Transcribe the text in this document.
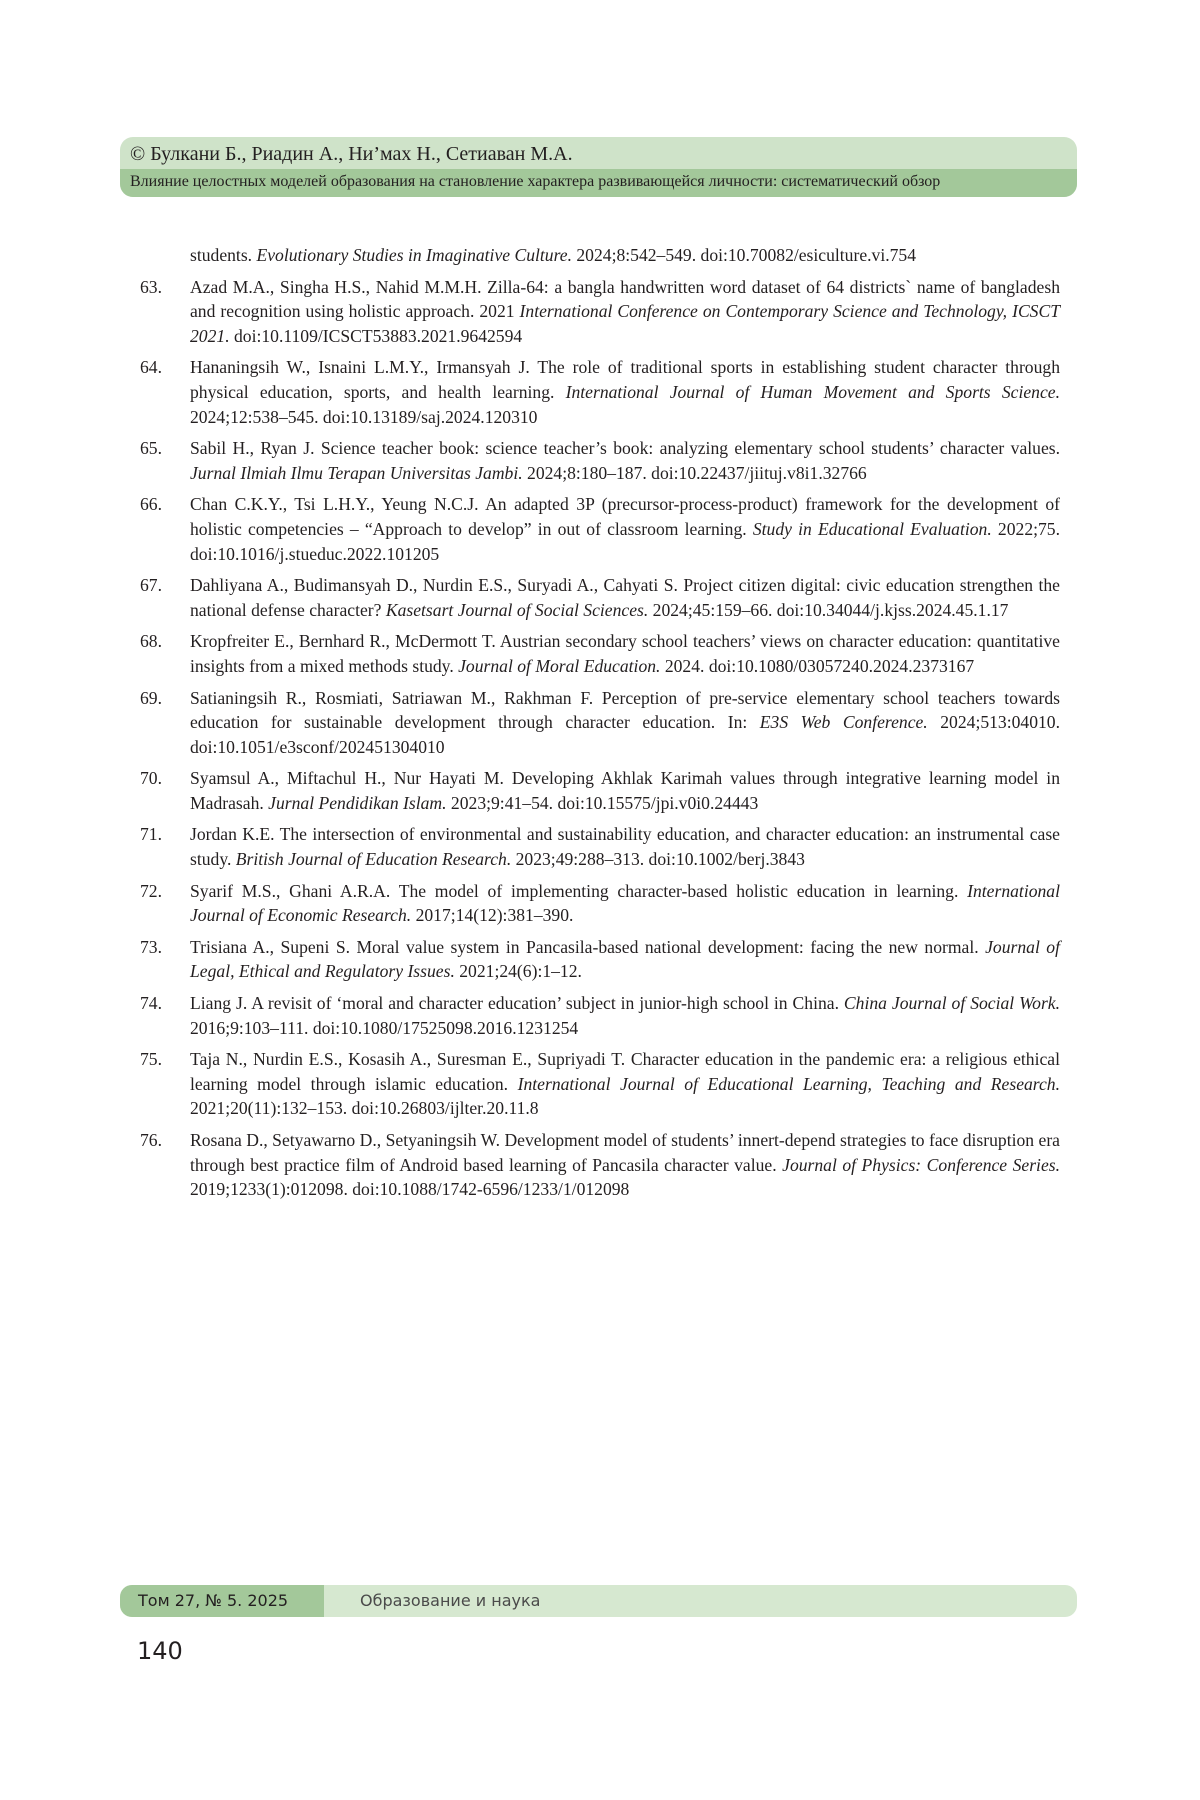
© Булкани Б., Риадин А., Ни’мах Н., Сетиаван М.А.
Влияние целостных моделей образования на становление характера развивающейся личности: систематический обзор
students. Evolutionary Studies in Imaginative Culture. 2024;8:542–549. doi:10.70082/esiculture.vi.754
63.	Azad M.A., Singha H.S., Nahid M.M.H. Zilla-64: a bangla handwritten word dataset of 64 districts` name of bangladesh and recognition using holistic approach. 2021 International Conference on Contemporary Science and Technology, ICSCT 2021. doi:10.1109/ICSCT53883.2021.9642594
64.	Hananingsih W., Isnaini L.M.Y., Irmansyah J. The role of traditional sports in establishing student character through physical education, sports, and health learning. International Journal of Human Movement and Sports Science. 2024;12:538–545. doi:10.13189/saj.2024.120310
65.	Sabil H., Ryan J. Science teacher book: science teacher’s book: analyzing elementary school students’ character values. Jurnal Ilmiah Ilmu Terapan Universitas Jambi. 2024;8:180–187. doi:10.22437/jiituj.v8i1.32766
66.	Chan C.K.Y., Tsi L.H.Y., Yeung N.C.J. An adapted 3P (precursor-process-product) framework for the development of holistic competencies – “Approach to develop” in out of classroom learning. Study in Educational Evaluation. 2022;75. doi:10.1016/j.stueduc.2022.101205
67.	Dahliyana A., Budimansyah D., Nurdin E.S., Suryadi A., Cahyati S. Project citizen digital: civic education strengthen the national defense character? Kasetsart Journal of Social Sciences. 2024;45:159–66. doi:10.34044/j.kjss.2024.45.1.17
68.	Kropfreiter E., Bernhard R., McDermott T. Austrian secondary school teachers’ views on character education: quantitative insights from a mixed methods study. Journal of Moral Education. 2024. doi:10.1080/03057240.2024.2373167
69.	Satianingsih R., Rosmiati, Satriawan M., Rakhman F. Perception of pre-service elementary school teachers towards education for sustainable development through character education. In: E3S Web Conference. 2024;513:04010. doi:10.1051/e3sconf/202451304010
70.	Syamsul A., Miftachul H., Nur Hayati M. Developing Akhlak Karimah values through integrative learning model in Madrasah. Jurnal Pendidikan Islam. 2023;9:41–54. doi:10.15575/jpi.v0i0.24443
71.	Jordan K.E. The intersection of environmental and sustainability education, and character education: an instrumental case study. British Journal of Education Research. 2023;49:288–313. doi:10.1002/berj.3843
72.	Syarif M.S., Ghani A.R.A. The model of implementing character-based holistic education in learning. International Journal of Economic Research. 2017;14(12):381–390.
73.	Trisiana A., Supeni S. Moral value system in Pancasila-based national development: facing the new normal. Journal of Legal, Ethical and Regulatory Issues. 2021;24(6):1–12.
74.	Liang J. A revisit of ‘moral and character education’ subject in junior-high school in China. China Journal of Social Work. 2016;9:103–111. doi:10.1080/17525098.2016.1231254
75.	Taja N., Nurdin E.S., Kosasih A., Suresman E., Supriyadi T. Character education in the pandemic era: a religious ethical learning model through islamic education. International Journal of Educational Learning, Teaching and Research. 2021;20(11):132–153. doi:10.26803/ijlter.20.11.8
76.	Rosana D., Setyawarno D., Setyaningsih W. Development model of students’ innert-depend strategies to face disruption era through best practice film of Android based learning of Pancasila character value. Journal of Physics: Conference Series. 2019;1233(1):012098. doi:10.1088/1742-6596/1233/1/012098
Том 27, № 5. 2025	Образование и наука
140
